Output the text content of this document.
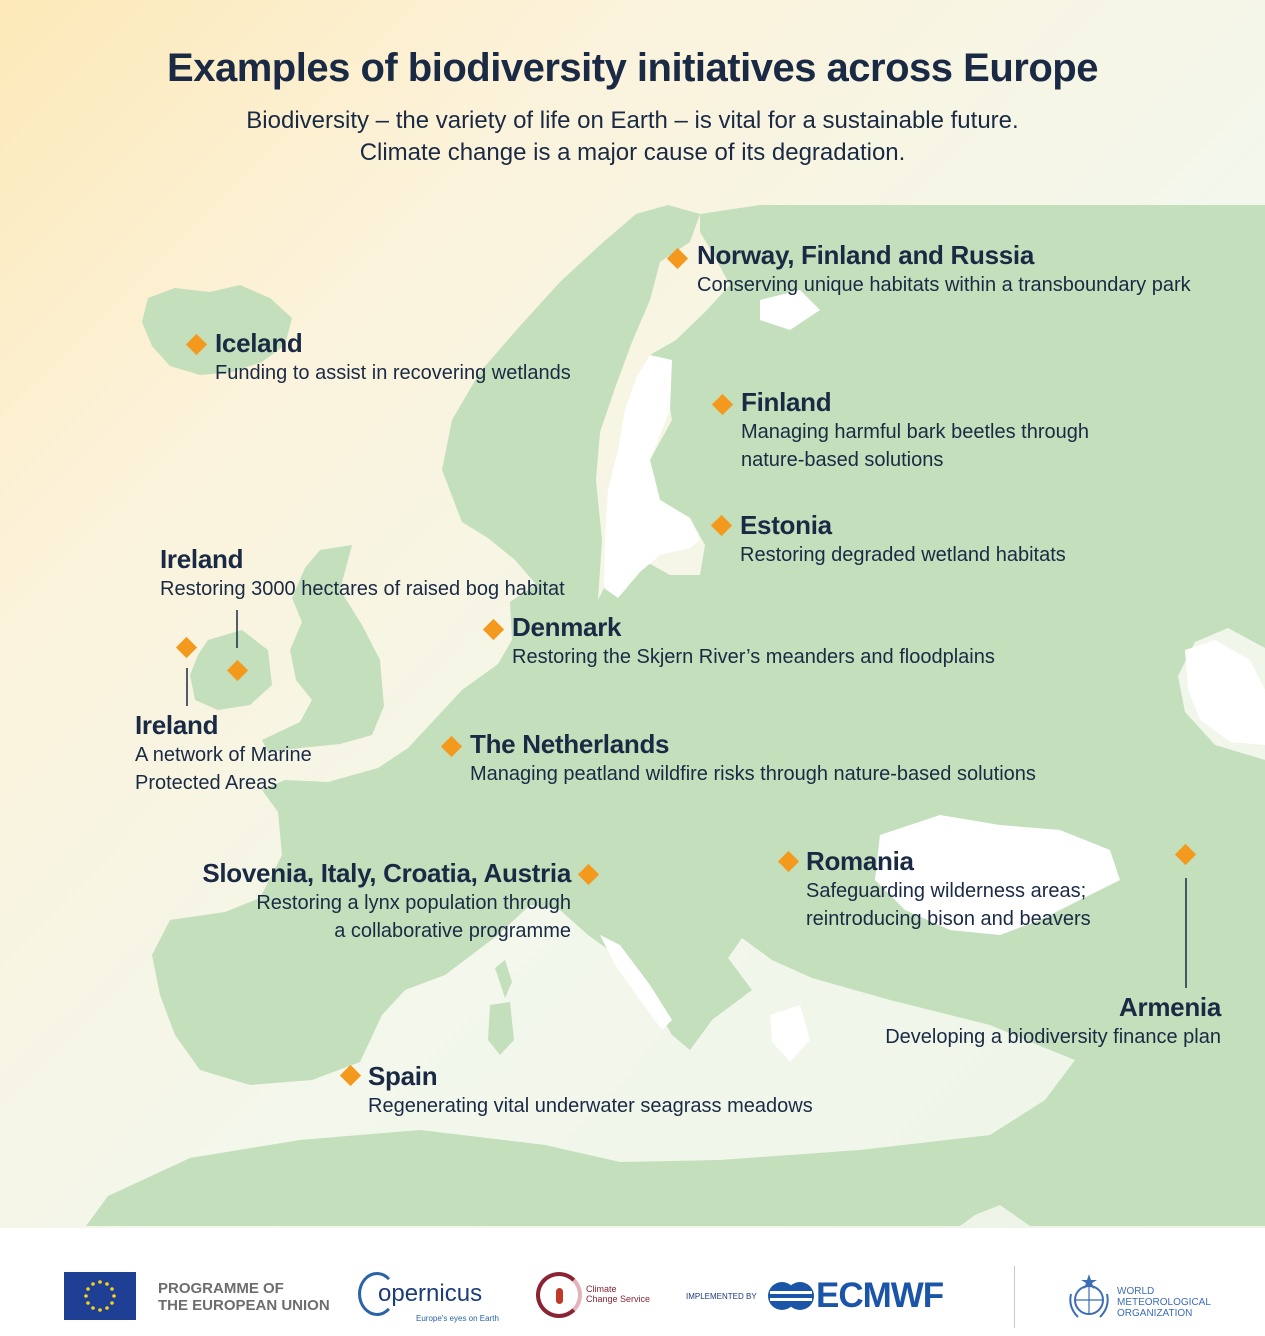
Examples of biodiversity initiatives across Europe
Biodiversity – the variety of life on Earth – is vital for a sustainable future.
Climate change is a major cause of its degradation.
Norway, Finland and Russia
Conserving unique habitats within a transboundary park
Iceland
Funding to assist in recovering wetlands
Finland
Managing harmful bark beetles through
nature-based solutions
Estonia
Restoring degraded wetland habitats
Ireland
Restoring 3000 hectares of raised bog habitat
Denmark
Restoring the Skjern River’s meanders and floodplains
Ireland
A network of Marine
Protected Areas
The Netherlands
Managing peatland wildfire risks through nature-based solutions
Slovenia, Italy, Croatia, Austria
Restoring a lynx population through
a collaborative programme
Romania
Safeguarding wilderness areas;
reintroducing bison and beavers
Armenia
Developing a biodiversity finance plan
Spain
Regenerating vital underwater seagrass meadows
PROGRAMME OF
THE EUROPEAN UNION opernicus
Europe's eyes on Earth
Climate
Change Service	IMPLEMENTED BY ECMWF	WORLD
METEOROLOGICAL
ORGANIZATION
